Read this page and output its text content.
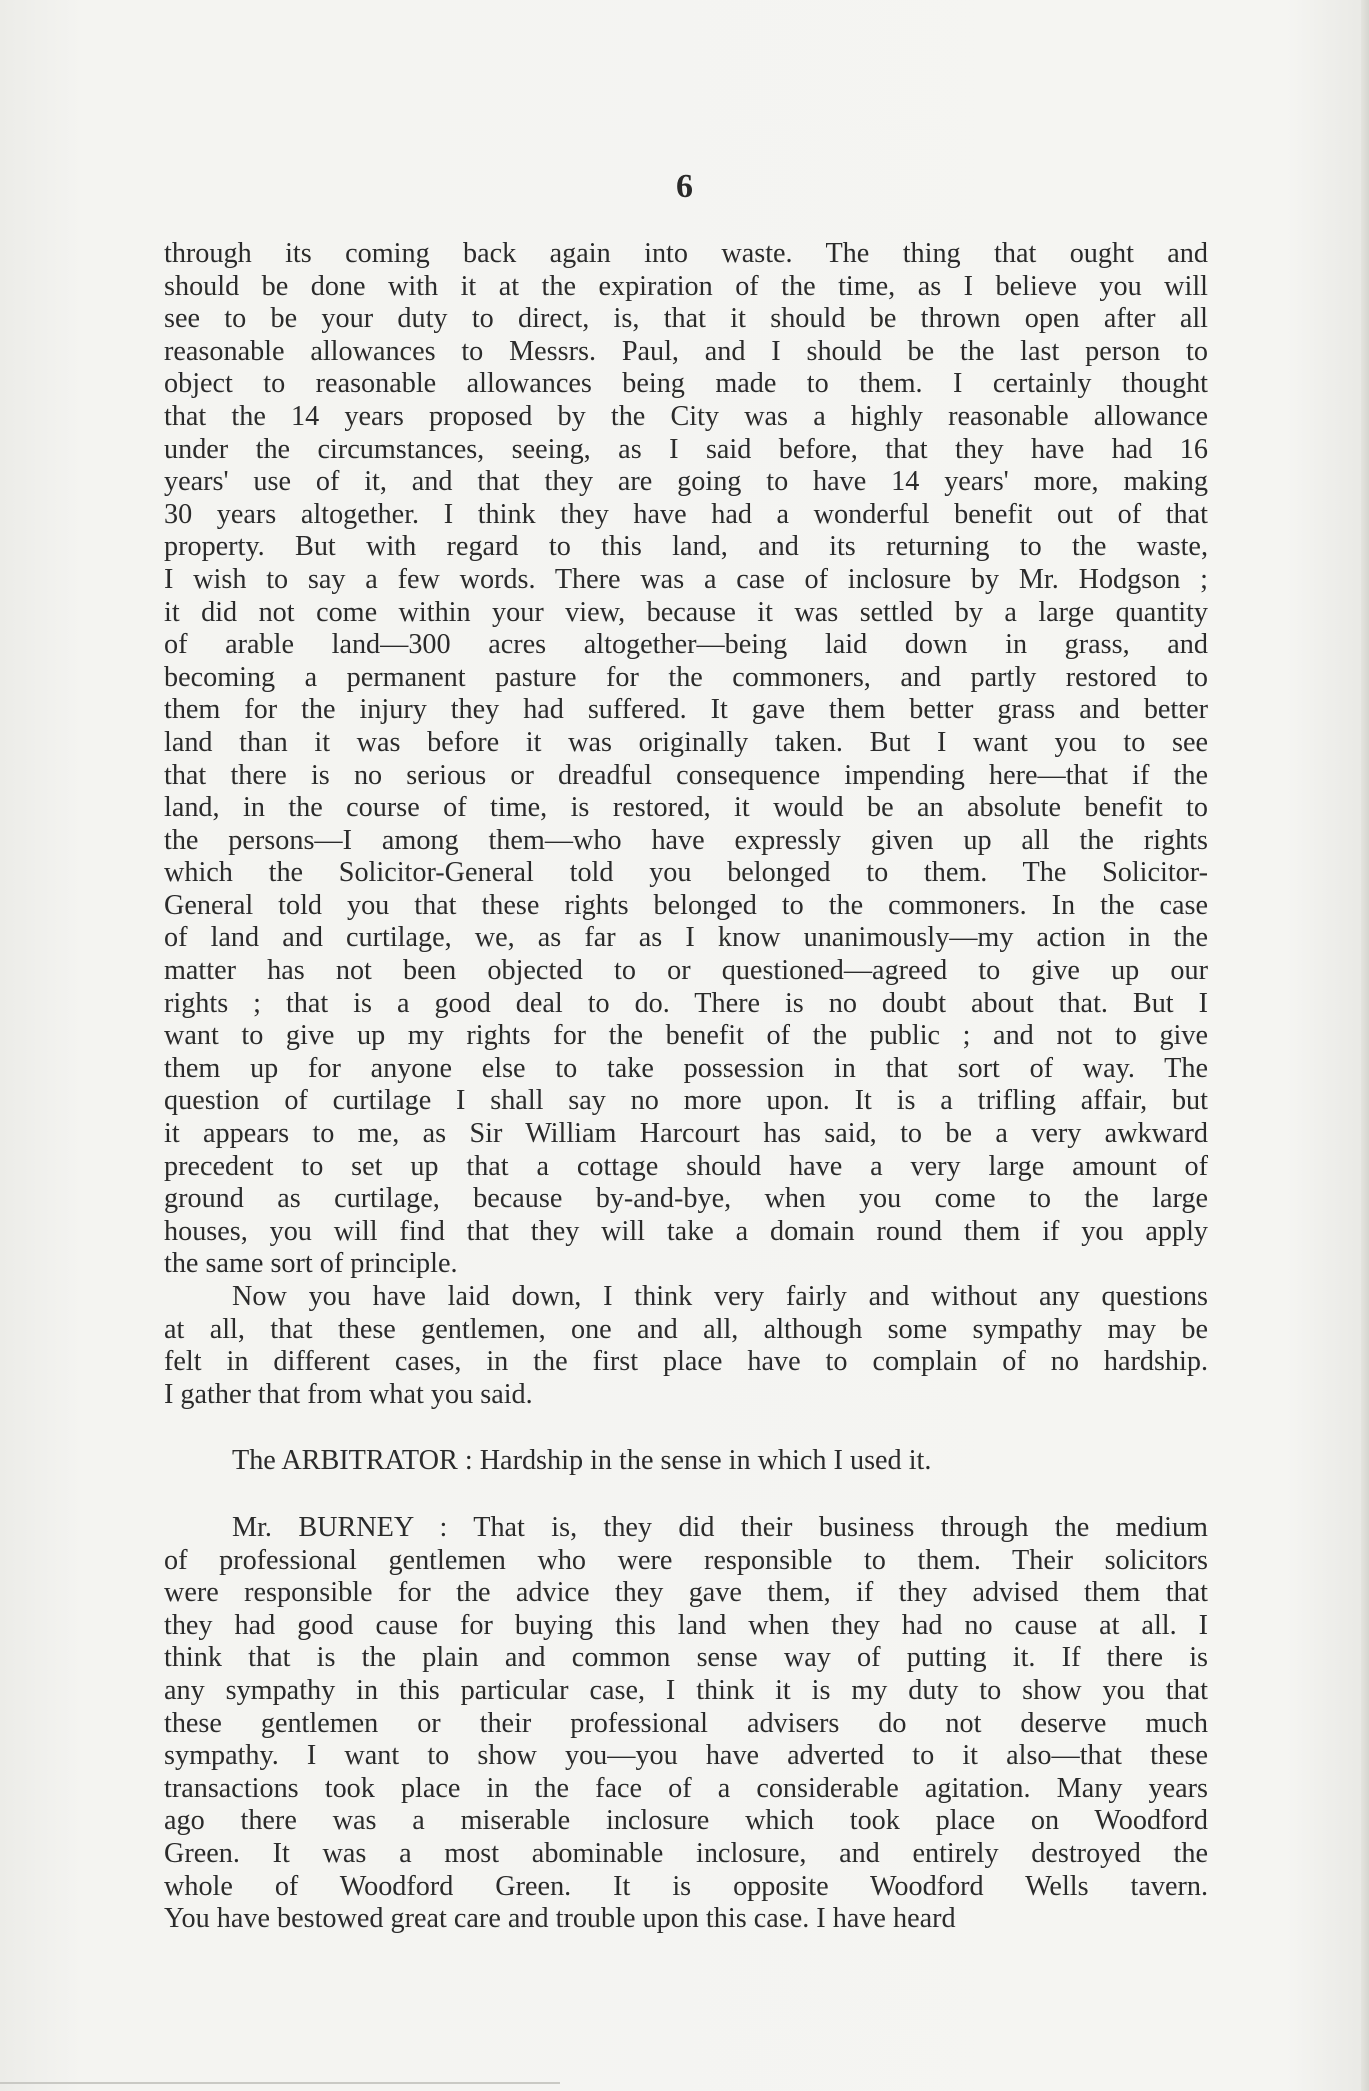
6
through its coming back again into waste. The thing that ought and
should be done with it at the expiration of the time, as I believe you will
see to be your duty to direct, is, that it should be thrown open after all
reasonable allowances to Messrs. Paul, and I should be the last person to
object to reasonable allowances being made to them. I certainly thought
that the 14 years proposed by the City was a highly reasonable allowance
under the circumstances, seeing, as I said before, that they have had 16
years' use of it, and that they are going to have 14 years' more, making
30 years altogether. I think they have had a wonderful benefit out of that
property. But with regard to this land, and its returning to the waste,
I wish to say a few words. There was a case of inclosure by Mr. Hodgson ;
it did not come within your view, because it was settled by a large quantity
of arable land—300 acres altogether—being laid down in grass, and
becoming a permanent pasture for the commoners, and partly restored to
them for the injury they had suffered. It gave them better grass and better
land than it was before it was originally taken. But I want you to see
that there is no serious or dreadful consequence impending here—that if the
land, in the course of time, is restored, it would be an absolute benefit to
the persons—I among them—who have expressly given up all the rights
which the Solicitor-General told you belonged to them. The Solicitor-
General told you that these rights belonged to the commoners. In the case
of land and curtilage, we, as far as I know unanimously—my action in the
matter has not been objected to or questioned—agreed to give up our
rights ; that is a good deal to do. There is no doubt about that. But I
want to give up my rights for the benefit of the public ; and not to give
them up for anyone else to take possession in that sort of way. The
question of curtilage I shall say no more upon. It is a trifling affair, but
it appears to me, as Sir William Harcourt has said, to be a very awkward
precedent to set up that a cottage should have a very large amount of
ground as curtilage, because by-and-bye, when you come to the large
houses, you will find that they will take a domain round them if you apply
the same sort of principle.
Now you have laid down, I think very fairly and without any questions
at all, that these gentlemen, one and all, although some sympathy may be
felt in different cases, in the first place have to complain of no hardship.
I gather that from what you said.
The ARBITRATOR : Hardship in the sense in which I used it.
Mr. BURNEY : That is, they did their business through the medium
of professional gentlemen who were responsible to them. Their solicitors
were responsible for the advice they gave them, if they advised them that
they had good cause for buying this land when they had no cause at all. I
think that is the plain and common sense way of putting it. If there is
any sympathy in this particular case, I think it is my duty to show you that
these gentlemen or their professional advisers do not deserve much
sympathy. I want to show you—you have adverted to it also—that these
transactions took place in the face of a considerable agitation. Many years
ago there was a miserable inclosure which took place on Woodford
Green. It was a most abominable inclosure, and entirely destroyed the
whole of Woodford Green. It is opposite Woodford Wells tavern.
You have bestowed great care and trouble upon this case. I have heard
